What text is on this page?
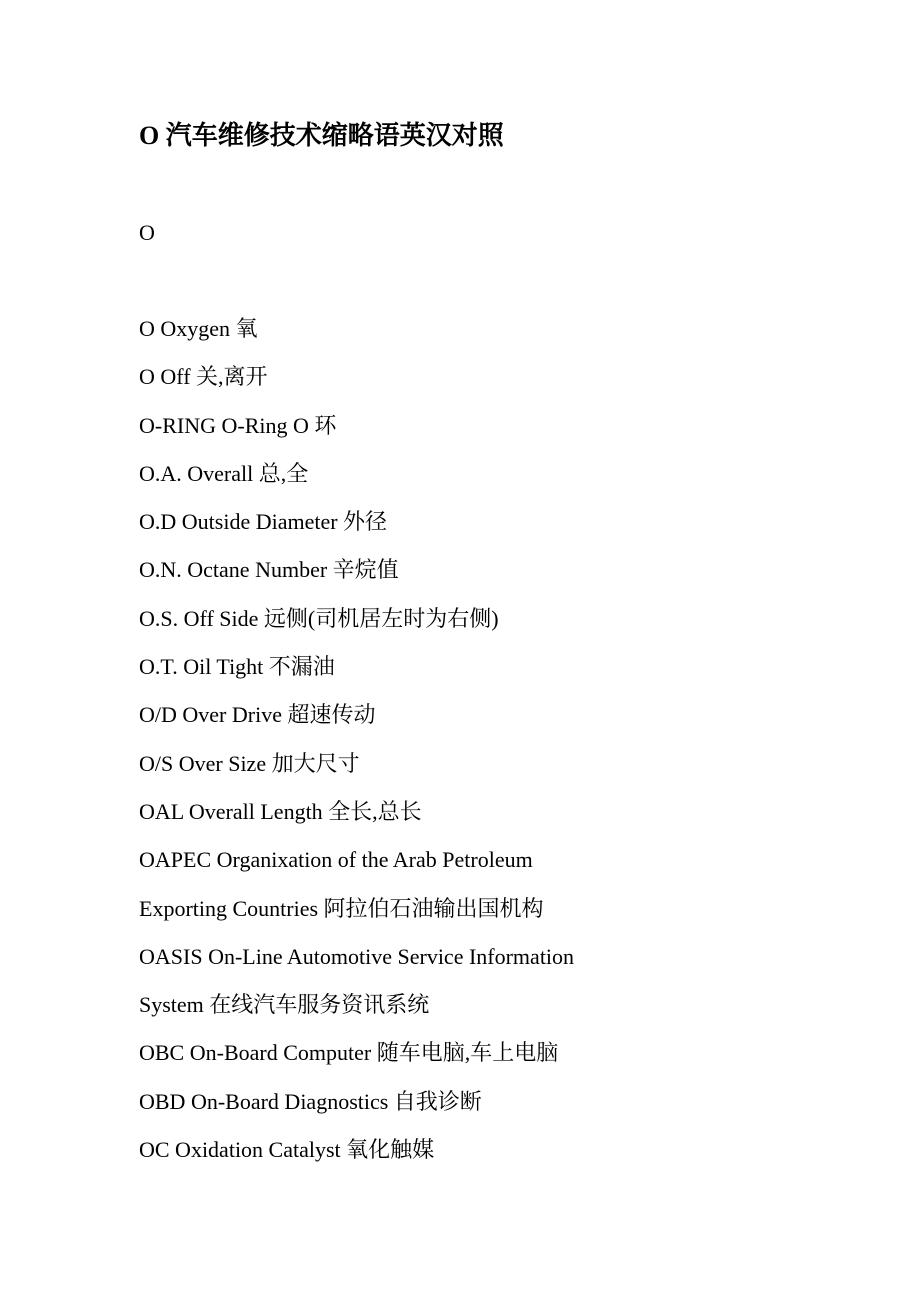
O 汽车维修技术缩略语英汉对照
O
O Oxygen 氧
O Off 关,离开
O-RING O-Ring O 环
O.A. Overall 总,全
O.D Outside Diameter 外径
O.N. Octane Number 辛烷值
O.S. Off Side 远侧(司机居左时为右侧)
O.T. Oil Tight 不漏油
O/D Over Drive 超速传动
O/S Over Size 加大尺寸
OAL Overall Length 全长,总长
OAPEC Organixation of the Arab Petroleum
Exporting Countries 阿拉伯石油输出国机构
OASIS On-Line Automotive Service Information
System 在线汽车服务资讯系统
OBC On-Board Computer 随车电脑,车上电脑
OBD On-Board Diagnostics 自我诊断
OC Oxidation Catalyst 氧化触媒
